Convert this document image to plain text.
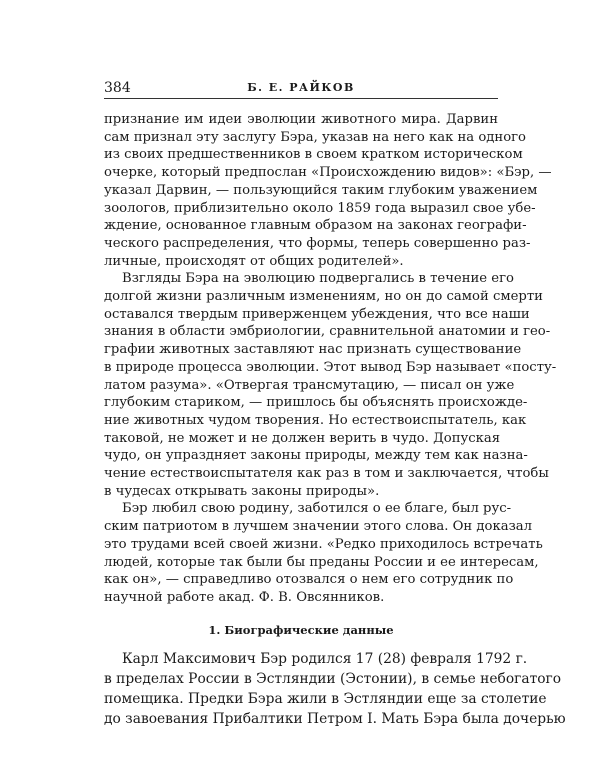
384	Б. Е. РАЙКОВ

признание им идеи эволюции животного мира. Дарвин
сам признал эту заслугу Бэра, указав на него как на одного
из своих предшественников в своем кратком историческом
очерке, который предпослан «Происхождению видов»: «Бэр, —
указал Дарвин, — пользующийся таким глубоким уважением
зоологов, приблизительно около 1859 года выразил свое убе-
ждение, основанное главным образом на законах географи-
ческого распределения, что формы, теперь совершенно раз-
личные, происходят от общих родителей».

Взгляды Бэра на эволюцию подвергались в течение его
долгой жизни различным изменениям, но он до самой смерти
оставался твердым приверженцем убеждения, что все наши
знания в области эмбриологии, сравнительной анатомии и гео-
графии животных заставляют нас признать существование
в природе процесса эволюции. Этот вывод Бэр называет «посту-
латом разума». «Отвергая трансмутацию, — писал он уже
глубоким стариком, — пришлось бы объяснять происхожде-
ние животных чудом творения. Но естествоиспытатель, как
таковой, не может и не должен верить в чудо. Допуская
чудо, он упраздняет законы природы, между тем как назна-
чение естествоиспытателя как раз в том и заключается, чтобы
в чудесах открывать законы природы».

Бэр любил свою родину, заботился о ее благе, был рус-
ским патриотом в лучшем значении этого слова. Он доказал
это трудами всей своей жизни. «Редко приходилось встречать
людей, которые так были бы преданы России и ее интересам,
как он», — справедливо отозвался о нем его сотрудник по
научной работе акад. Ф. В. Овсянников.

1. Биографические данные

Карл Максимович Бэр родился 17 (28) февраля 1792 г.
в пределах России в Эстляндии (Эстонии), в семье небогатого
помещика. Предки Бэра жили в Эстляндии еще за столетие
до завоевания Прибалтики Петром I. Мать Бэра была дочерью
